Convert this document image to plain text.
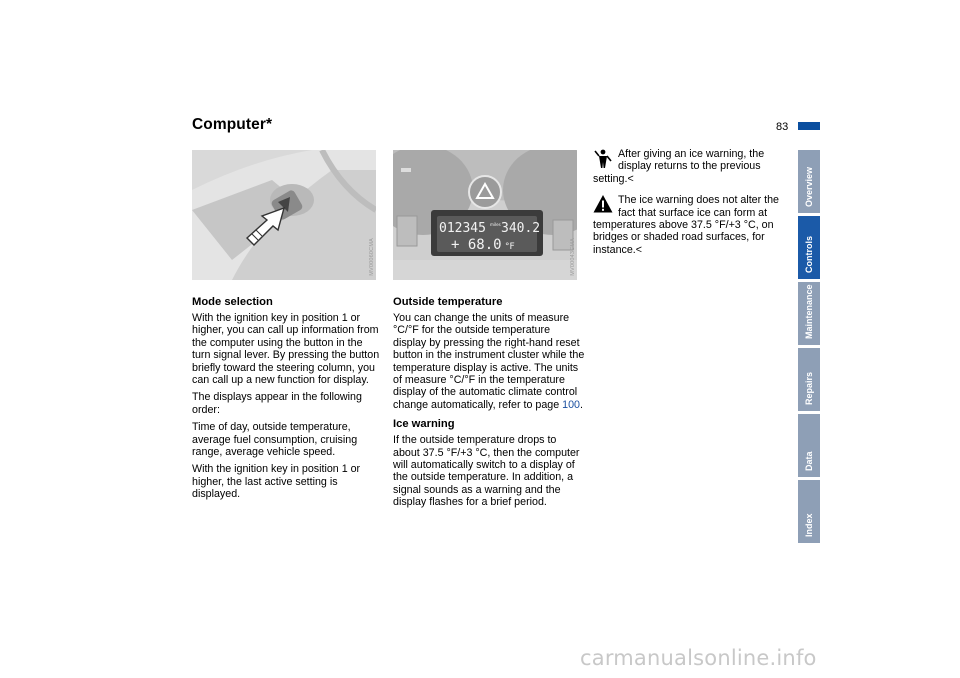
Computer*	83
MV00060CMA
012345 miles 340.2
+ 68.0 °F	MV00043CMA
Mode selection

With the ignition key in position 1 or higher, you can call up information from the computer using the button in the turn signal lever. By pressing the button briefly toward the steering column, you can call up a new function for display.

The displays appear in the following order:

Time of day, outside temperature, average fuel consumption, cruising range, average vehicle speed.

With the ignition key in position 1 or higher, the last active setting is displayed.

Outside temperature

You can change the units of measure °C/°F for the outside temperature display by pressing the right-hand reset button in the instrument cluster while the temperature display is active. The units of measure °C/°F in the temperature display of the automatic climate control change automatically, refer to page 100.

Ice warning

If the outside temperature drops to about 37.5 °F/+3 °C, then the computer will automatically switch to a display of the outside temperature. In addition, a signal sounds as a warning and the display flashes for a brief period.

After giving an ice warning, the display returns to the previous setting.<
The ice warning does not alter the fact that surface ice can form at temperatures above 37.5 °F/+3 °C, on bridges or shaded road surfaces, for instance.<
Overview
Controls
Maintenance
Repairs
Data
Index
carmanualsonline.info
